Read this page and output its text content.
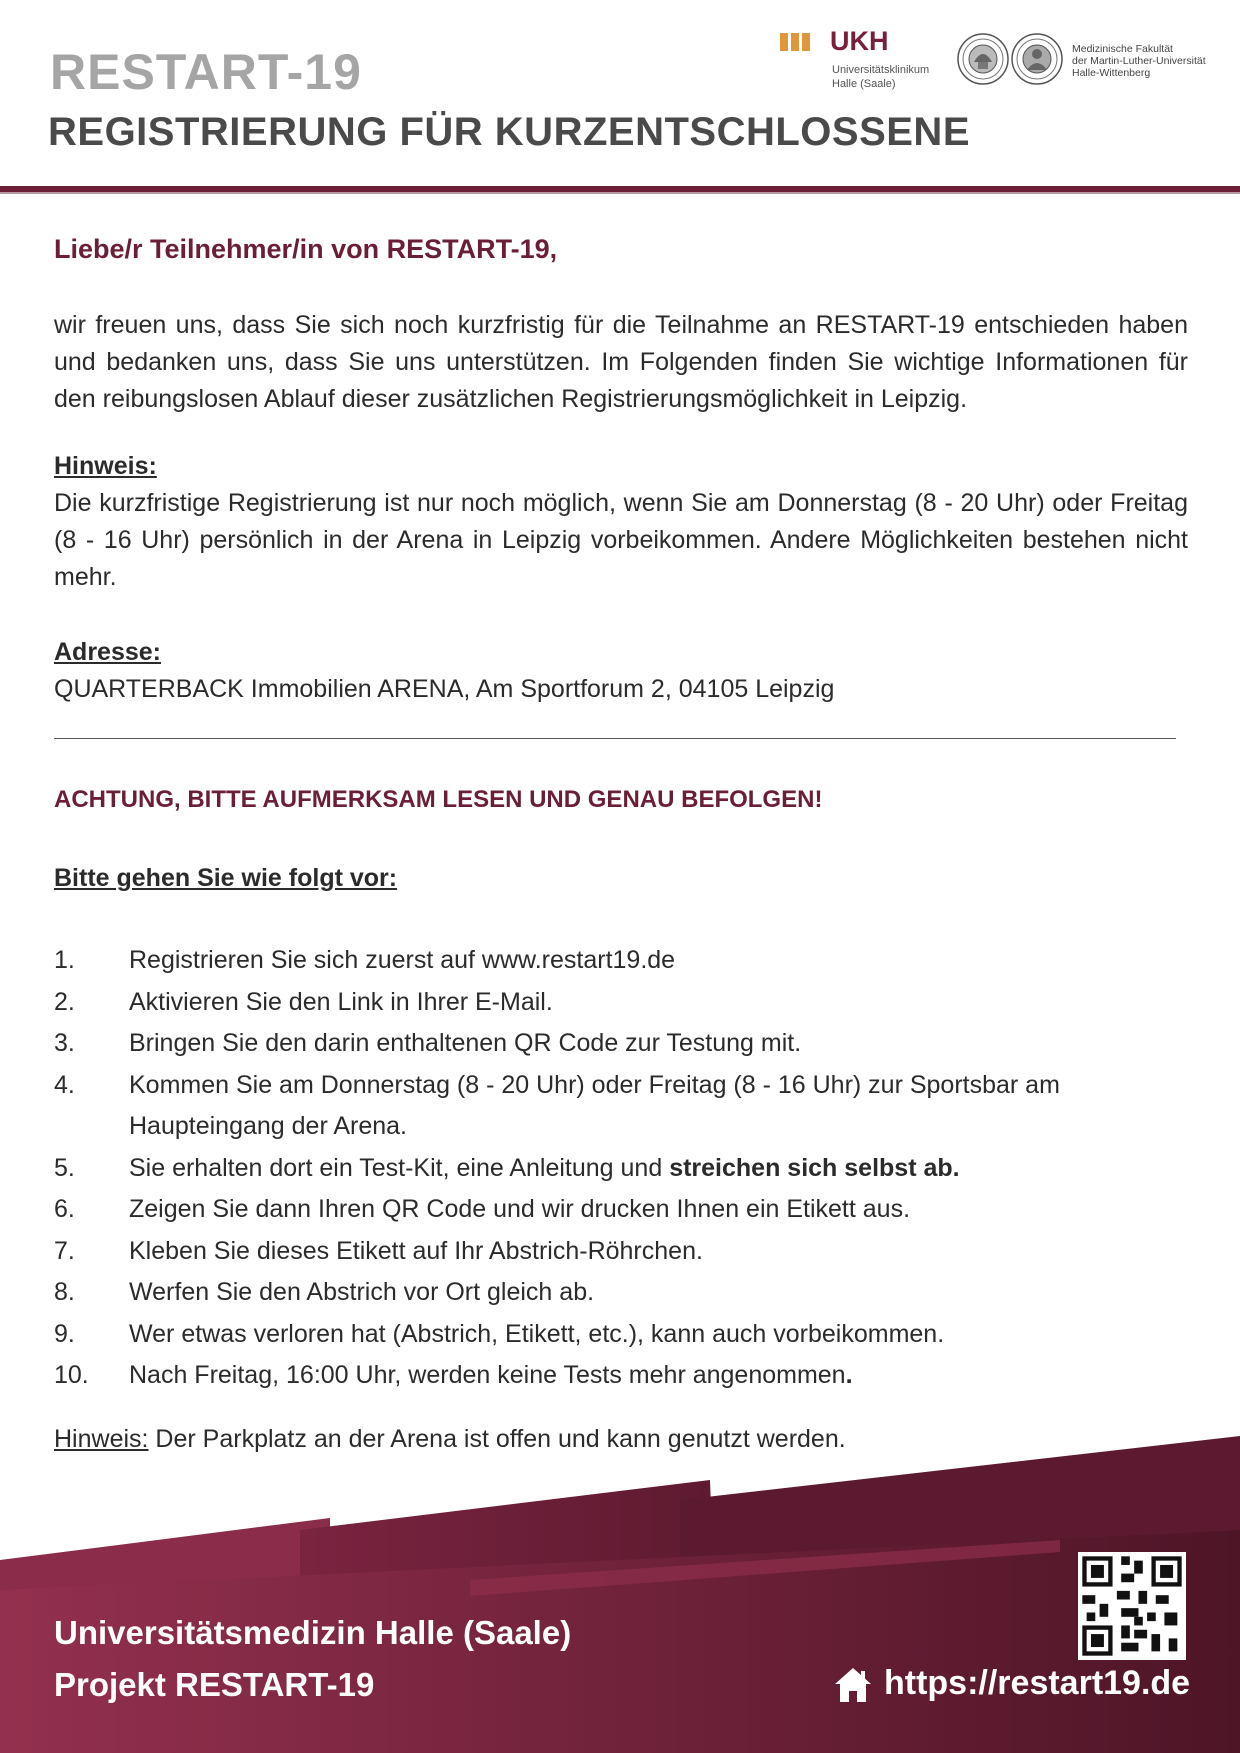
RESTART-19
REGISTRIERUNG FÜR KURZENTSCHLOSSENE
UKH
Universitätsklinikum
Halle (Saale)
Medizinische Fakultät
der Martin-Luther-Universität
Halle-Wittenberg
Liebe/r Teilnehmer/in von RESTART-19,
wir freuen uns, dass Sie sich noch kurzfristig für die Teilnahme an RESTART-19 entschieden haben und bedanken uns, dass Sie uns unterstützen. Im Folgenden finden Sie wichtige Informationen für den reibungslosen Ablauf dieser zusätzlichen Registrierungsmöglichkeit in Leipzig.
Hinweis:
Die kurzfristige Registrierung ist nur noch möglich, wenn Sie am Donnerstag (8 - 20 Uhr) oder Freitag (8 - 16 Uhr) persönlich in der Arena in Leipzig vorbeikommen. Andere Möglichkeiten bestehen nicht mehr.
Adresse:
QUARTERBACK Immobilien ARENA, Am Sportforum 2, 04105 Leipzig
ACHTUNG, BITTE AUFMERKSAM LESEN UND GENAU BEFOLGEN!
Bitte gehen Sie wie folgt vor:
1. Registrieren Sie sich zuerst auf www.restart19.de
2. Aktivieren Sie den Link in Ihrer E-Mail.
3. Bringen Sie den darin enthaltenen QR Code zur Testung mit.
4. Kommen Sie am Donnerstag (8 - 20 Uhr) oder Freitag (8 - 16 Uhr) zur Sportsbar am Haupteingang der Arena.
5. Sie erhalten dort ein Test-Kit, eine Anleitung und streichen sich selbst ab.
6. Zeigen Sie dann Ihren QR Code und wir drucken Ihnen ein Etikett aus.
7. Kleben Sie dieses Etikett auf Ihr Abstrich-Röhrchen.
8. Werfen Sie den Abstrich vor Ort gleich ab.
9. Wer etwas verloren hat (Abstrich, Etikett, etc.), kann auch vorbeikommen.
10. Nach Freitag, 16:00 Uhr, werden keine Tests mehr angenommen.
Hinweis: Der Parkplatz an der Arena ist offen und kann genutzt werden.
Universitätsmedizin Halle (Saale)
Projekt RESTART-19	https://restart19.de
